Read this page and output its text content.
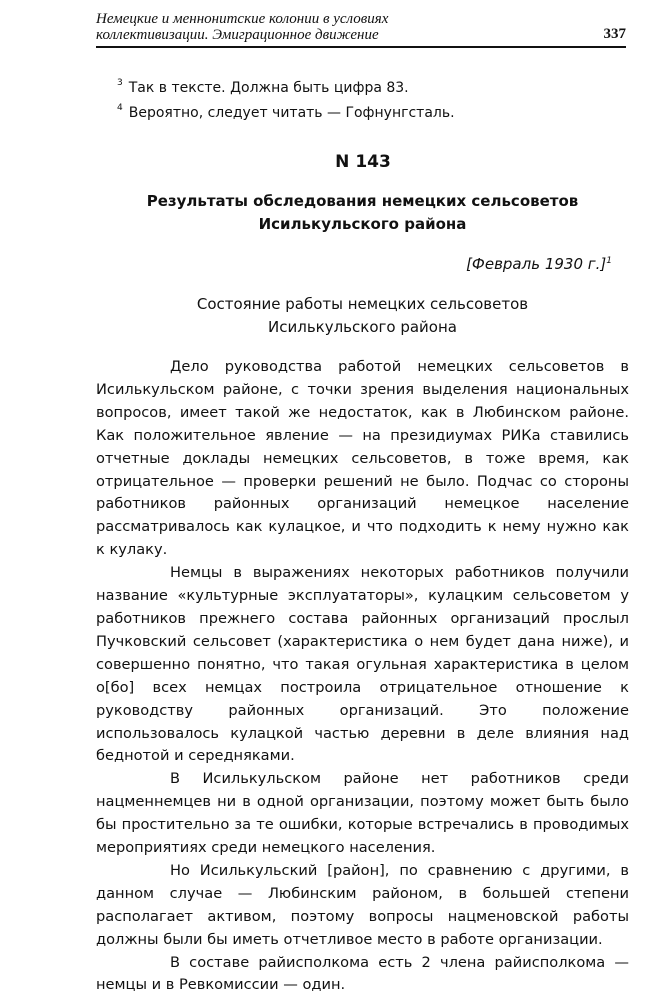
Немецкие и меннонитские колонии в условиях
коллективизации. Эмиграционное движение	337
$^3$ Так в тексте. Должна быть цифра 83.
$^4$ Вероятно, следует читать — Гофнунгсталь.
N 143
Результаты обследования немецких сельсоветов
Исилькульского района
[Февраль 1930 г.]$^1$
Состояние работы немецких сельсоветов
Исилькульского района

Дело руководства работой немецких сельсоветов в Исилькульском районе, с точки зрения выделения национальных вопросов, имеет такой же недостаток, как в Любинском районе. Как положительное явление — на президиумах РИКа ставились отчетные доклады немецких сельсоветов, в тоже время, как отрицательное — проверки решений не было. Подчас со стороны работников районных организаций немецкое население рассматривалось как кулацкое, и что подходить к нему нужно как к кулаку.

Немцы в выражениях некоторых работников получили название «культурные эксплуататоры», кулацким сельсоветом у работников прежнего состава районных организаций прослыл Пучковский сельсовет (характеристика о нем будет дана ниже), и совершенно понятно, что такая огульная характеристика в целом о[бо] всех немцах построила отрицательное отношение к руководству районных организаций. Это положение использовалось кулацкой частью деревни в деле влияния над беднотой и середняками.

В Исилькульском районе нет работников среди нацменнемцев ни в одной организации, поэтому может быть было бы простительно за те ошибки, которые встречались в проводимых мероприятиях среди немецкого населения.

Но Исилькульский [район], по сравнению с другими, в данном случае — Любинским районом, в большей степени располагает активом, поэтому вопросы нацменовской работы должны были бы иметь отчетливое место в работе организации.

В составе райисполкома есть 2 члена райисполкома — немцы и в Ревкомиссии — один.
